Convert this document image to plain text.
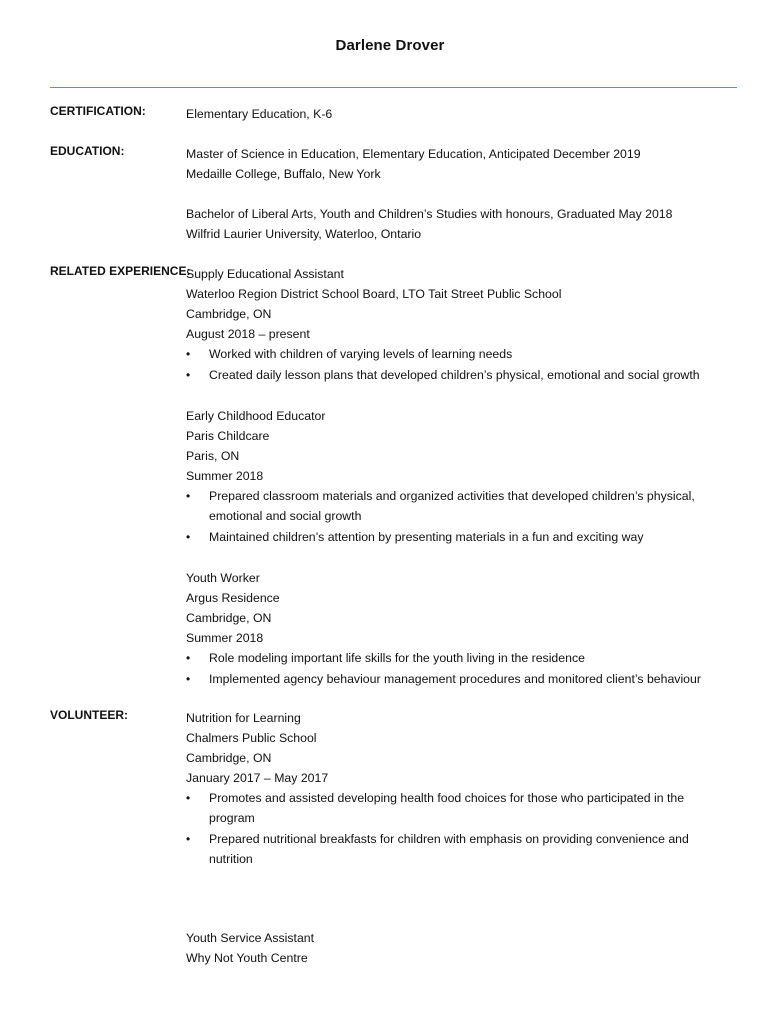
Darlene Drover
CERTIFICATION:	Elementary Education, K-6
EDUCATION:	Master of Science in Education, Elementary Education, Anticipated December 2019
Medaille College, Buffalo, New York
Bachelor of Liberal Arts, Youth and Children’s Studies with honours, Graduated May 2018
Wilfrid Laurier University, Waterloo, Ontario
RELATED EXPERIENCE:
Supply Educational Assistant
Waterloo Region District School Board, LTO Tait Street Public School
Cambridge, ON
August 2018 – present
•	Worked with children of varying levels of learning needs
•	Created daily lesson plans that developed children’s physical, emotional and social growth
Early Childhood Educator
Paris Childcare
Paris, ON
Summer 2018
•	Prepared classroom materials and organized activities that developed children’s physical, emotional and social growth
•	Maintained children’s attention by presenting materials in a fun and exciting way
Youth Worker
Argus Residence
Cambridge, ON
Summer 2018
•	Role modeling important life skills for the youth living in the residence
•	Implemented agency behaviour management procedures and monitored client’s behaviour
VOLUNTEER:	Nutrition for Learning
Chalmers Public School
Cambridge, ON
January 2017 – May 2017
•	Promotes and assisted developing health food choices for those who participated in the program
•	Prepared nutritional breakfasts for children with emphasis on providing convenience and nutrition
Youth Service Assistant
Why Not Youth Centre
